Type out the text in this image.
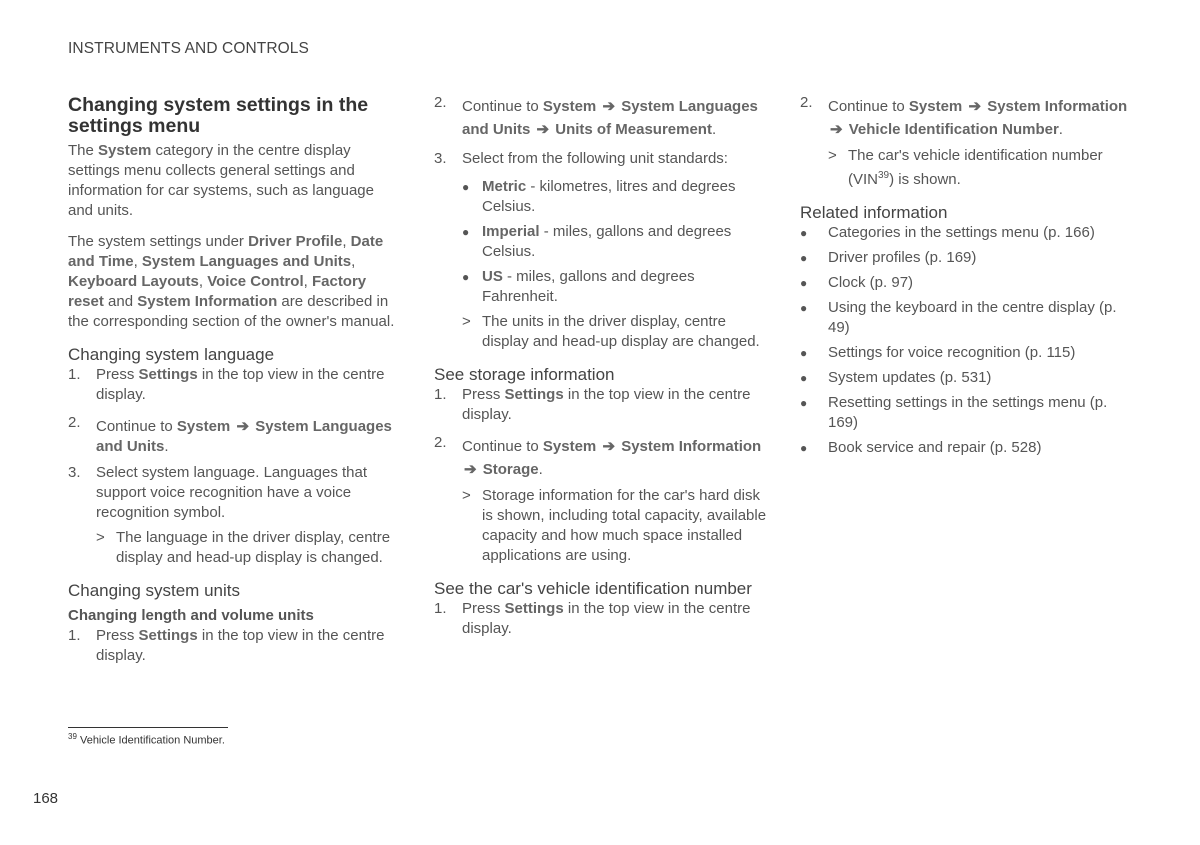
INSTRUMENTS AND CONTROLS
Changing system settings in the settings menu

The System category in the centre display settings menu collects general settings and information for car systems, such as language and units.

The system settings under Driver Profile, Date and Time, System Languages and Units, Keyboard Layouts, Voice Control, Factory reset and System Information are described in the corresponding section of the owner's manual.

Changing system language
1.	Press Settings in the top view in the centre display.
2.	Continue to System ➔ System Languages and Units.
3.	Select system language. Languages that support voice recognition have a voice recognition symbol.
> The language in the driver display, centre display and head-up display is changed.
Changing system units
Changing length and volume units
1.	Press Settings in the top view in the centre display.
2.	Continue to System ➔ System Languages and Units ➔ Units of Measurement.
3.	Select from the following unit standards:
● Metric - kilometres, litres and degrees Celsius.
● Imperial - miles, gallons and degrees Celsius.
● US - miles, gallons and degrees Fahrenheit.
> The units in the driver display, centre display and head-up display are changed.
See storage information
1.	Press Settings in the top view in the centre display.
2.	Continue to System ➔ System Information ➔ Storage.
> Storage information for the car's hard disk is shown, including total capacity, available capacity and how much space installed applications are using.
See the car's vehicle identification number
1.	Press Settings in the top view in the centre display.
2.	Continue to System ➔ System Information ➔ Vehicle Identification Number.
> The car's vehicle identification number (VIN$^{39}$) is shown.
Related information
●	Categories in the settings menu (p. 166)
●	Driver profiles (p. 169)
●	Clock (p. 97)
●	Using the keyboard in the centre display (p. 49)
●	Settings for voice recognition (p. 115)
●	System updates (p. 531)
●	Resetting settings in the settings menu (p. 169)
●	Book service and repair (p. 528)
$^{39}$ Vehicle Identification Number.
168
